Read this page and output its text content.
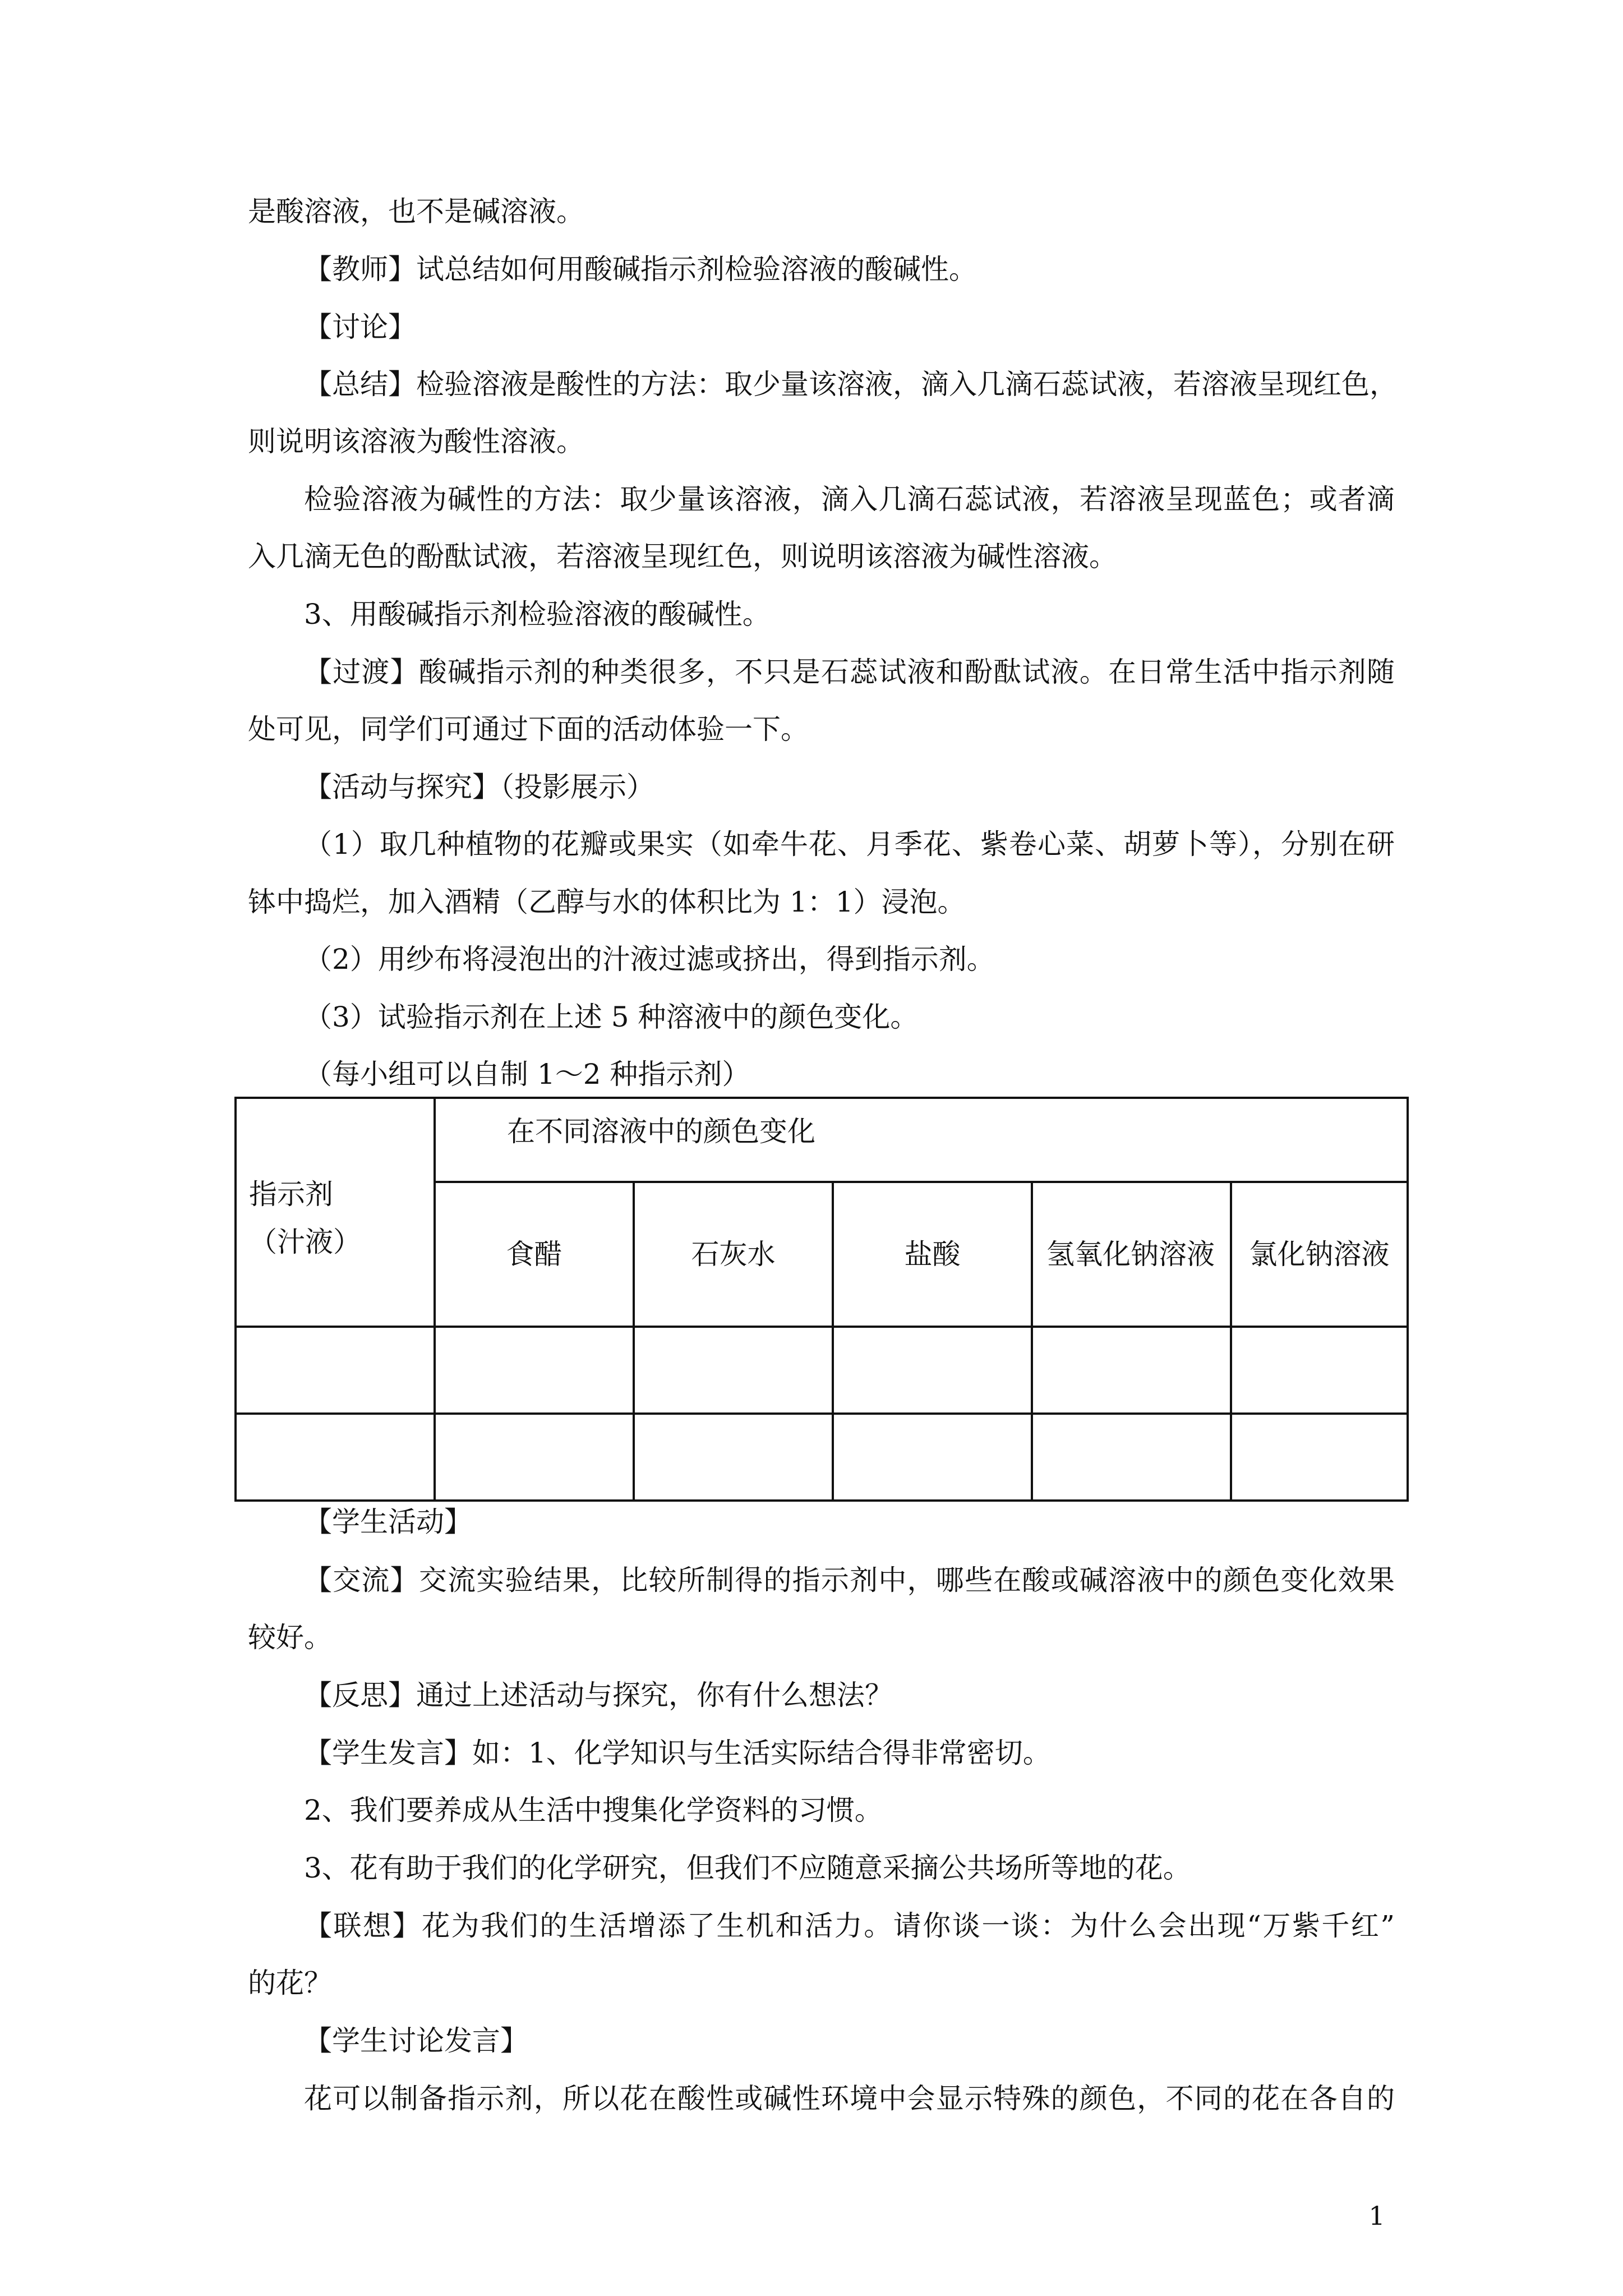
是酸溶液，也不是碱溶液。
【教师】试总结如何用酸碱指示剂检验溶液的酸碱性。
【讨论】
【总结】检验溶液是酸性的方法：取少量该溶液，滴入几滴石蕊试液，若溶液呈现红色，
则说明该溶液为酸性溶液。
检验溶液为碱性的方法：取少量该溶液，滴入几滴石蕊试液，若溶液呈现蓝色；或者滴
入几滴无色的酚酞试液，若溶液呈现红色，则说明该溶液为碱性溶液。
3、用酸碱指示剂检验溶液的酸碱性。
【过渡】酸碱指示剂的种类很多，不只是石蕊试液和酚酞试液。在日常生活中指示剂随
处可见，同学们可通过下面的活动体验一下。
【活动与探究】（投影展示）
（1）取几种植物的花瓣或果实（如牵牛花、月季花、紫卷心菜、胡萝卜等），分别在研
钵中捣烂，加入酒精（乙醇与水的体积比为 1：1）浸泡。
（2）用纱布将浸泡出的汁液过滤或挤出，得到指示剂。
（3）试验指示剂在上述 5 种溶液中的颜色变化。
（每小组可以自制 1～2 种指示剂）
指示剂
（汁液）	在不同溶液中的颜色变化				

	食醋	石灰水	盐酸	氢氧化钠溶液	氯化钠溶液

【学生活动】
【交流】交流实验结果，比较所制得的指示剂中，哪些在酸或碱溶液中的颜色变化效果
较好。
【反思】通过上述活动与探究，你有什么想法？
【学生发言】如：1、化学知识与生活实际结合得非常密切。
2、我们要养成从生活中搜集化学资料的习惯。
3、花有助于我们的化学研究，但我们不应随意采摘公共场所等地的花。
【联想】花为我们的生活增添了生机和活力。请你谈一谈：为什么会出现“万紫千红”
的花？
【学生讨论发言】
花可以制备指示剂，所以花在酸性或碱性环境中会显示特殊的颜色，不同的花在各自的
1
